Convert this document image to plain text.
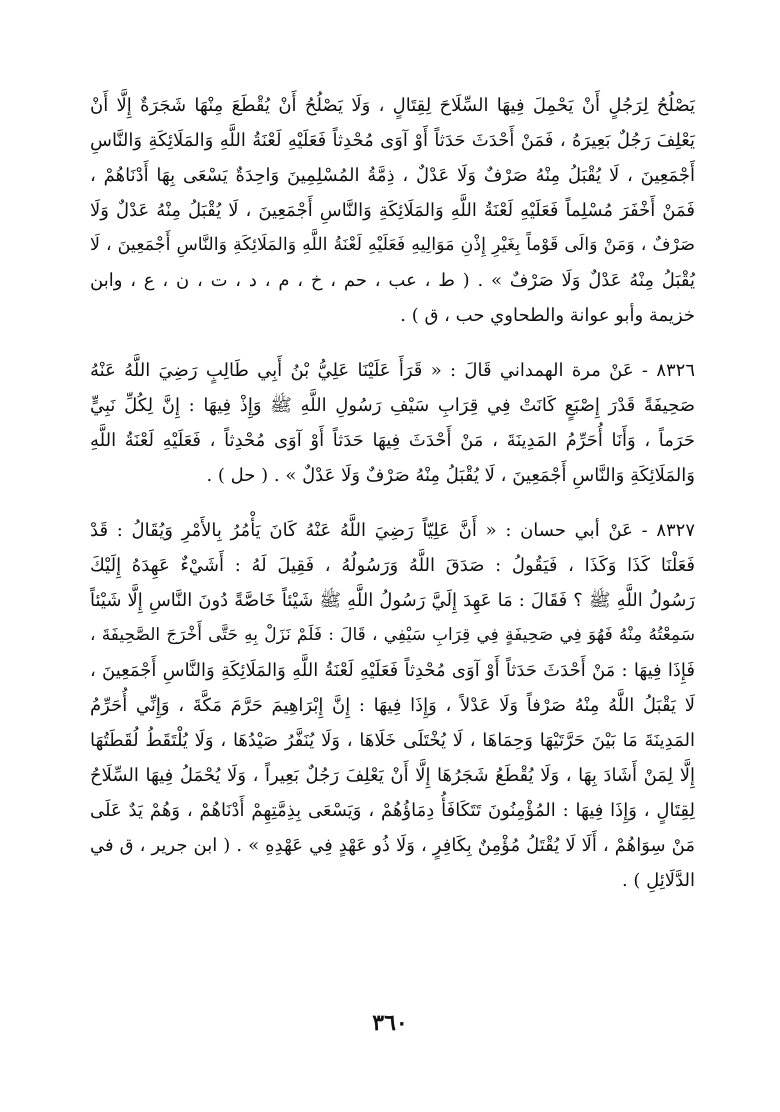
يَصْلُحُ لِرَجُلٍ أَنْ يَحْمِلَ فِيهَا السِّلَاحَ لِقِتَالٍ ، وَلَا يَصْلُحُ أَنْ يُقْطَعَ مِنْهَا شَجَرَةٌ إِلَّا أَنْ
يَعْلِفَ رَجُلٌ بَعِيرَهُ ، فَمَنْ أَحْدَثَ حَدَثاً أَوْ آوَى مُحْدِثاً فَعَلَيْهِ لَعْنَةُ اللَّهِ وَالمَلَائِكَةِ وَالنَّاسِ
أَجْمَعِينَ ، لَا يُقْبَلُ مِنْهُ صَرْفٌ وَلَا عَدْلٌ ، ذِمَّةُ المُسْلِمِينَ وَاحِدَةٌ يَسْعَى بِهَا أَدْنَاهُمْ ،
فَمَنْ أَخْفَرَ مُسْلِماً فَعَلَيْهِ لَعْنَةُ اللَّهِ وَالمَلَائِكَةِ وَالنَّاسِ أَجْمَعِينَ ، لَا يُقْبَلُ مِنْهُ عَدْلٌ وَلَا
صَرْفٌ ، وَمَنْ وَالَى قَوْماً بِغَيْرِ إِذْنِ مَوَالِيهِ فَعَلَيْهِ لَعْنَةُ اللَّهِ وَالمَلَائِكَةِ وَالنَّاسِ أَجْمَعِينَ ، لَا
يُقْبَلُ مِنْهُ عَدْلٌ وَلَا صَرْفٌ » . ( ط ، عب ، حم ، خ ، م ، د ، ت ، ن ، ع ، وابن
خزيمة وأبو عوانة والطحاوي حب ، ق ) .

٨٣٢٦ - عَنْ مرة الهمداني قَالَ : « قَرَأَ عَلَيْنَا عَلِيُّ بْنُ أَبِي طَالِبٍ رَضِيَ اللَّهُ عَنْهُ
صَحِيفَةً قَدْرَ إِصْبَعٍ كَانَتْ فِي قِرَابِ سَيْفِ رَسُولِ اللَّهِ ﷺ وَإِذْ فِيهَا : إِنَّ لِكُلِّ نَبِيٍّ
حَرَماً ، وَأَنَا أُحَرِّمُ المَدِينَةَ ، مَنْ أَحْدَثَ فِيهَا حَدَثاً أَوْ آوَى مُحْدِثاً ، فَعَلَيْهِ لَعْنَةُ اللَّهِ
وَالمَلَائِكَةِ وَالنَّاسِ أَجْمَعِينَ ، لَا يُقْبَلُ مِنْهُ صَرْفٌ وَلَا عَدْلٌ » . ( حل ) .

٨٣٢٧ - عَنْ أبي حسان : « أَنَّ عَلِيّاً رَضِيَ اللَّهُ عَنْهُ كَانَ يَأْمُرُ بِالأَمْرِ وَيُقَالُ : قَدْ
فَعَلْنَا كَذَا وَكَذَا ، فَيَقُولُ : صَدَقَ اللَّهُ وَرَسُولُهُ ، فَقِيلَ لَهُ : أَشَيْءٌ عَهِدَهُ إِلَيْكَ
رَسُولُ اللَّهِ ﷺ ؟ فَقَالَ : مَا عَهِدَ إِلَيَّ رَسُولُ اللَّهِ ﷺ شَيْئاً خَاصَّةً دُونَ النَّاسِ إِلَّا شَيْئاً
سَمِعْتُهُ مِنْهُ فَهُوَ فِي صَحِيفَةٍ فِي قِرَابِ سَيْفِي ، قَالَ : فَلَمْ نَزَلْ بِهِ حَتَّى أَخْرَجَ الصَّحِيفَةَ ،
فَإِذَا فِيهَا : مَنْ أَحْدَثَ حَدَثاً أَوْ آوَى مُحْدِثاً فَعَلَيْهِ لَعْنَةُ اللَّهِ وَالمَلَائِكَةِ وَالنَّاسِ أَجْمَعِينَ ،
لَا يَقْبَلُ اللَّهُ مِنْهُ صَرْفاً وَلَا عَدْلاً ، وَإِذَا فِيهَا : إِنَّ إِبْرَاهِيمَ حَرَّمَ مَكَّةَ ، وَإِنِّي أُحَرِّمُ
المَدِينَةَ مَا بَيْنَ حَرَّتَيْهَا وَحِمَاهَا ، لَا يُخْتَلَى خَلَاهَا ، وَلَا يُنَفَّرُ صَيْدُهَا ، وَلَا يُلْتَقَطُ لُقَطَتُهَا
إِلَّا لِمَنْ أَشَادَ بِهَا ، وَلَا يُقْطَعُ شَجَرُهَا إِلَّا أَنْ يَعْلِفَ رَجُلٌ بَعِيراً ، وَلَا يُحْمَلُ فِيهَا السِّلَاحُ
لِقِتَالٍ ، وَإِذَا فِيهَا : المُؤْمِنُونَ تَتَكَافَأُ دِمَاؤُهُمْ ، وَيَسْعَى بِذِمَّتِهِمْ أَدْنَاهُمْ ، وَهُمْ يَدٌ عَلَى
مَنْ سِوَاهُمْ ، أَلَا لَا يُقْتَلُ مُؤْمِنٌ بِكَافِرٍ ، وَلَا ذُو عَهْدٍ فِي عَهْدِهِ » . ( ابن جرير ، ق في
الدَّلَائِلِ ) .

٣٦٠
